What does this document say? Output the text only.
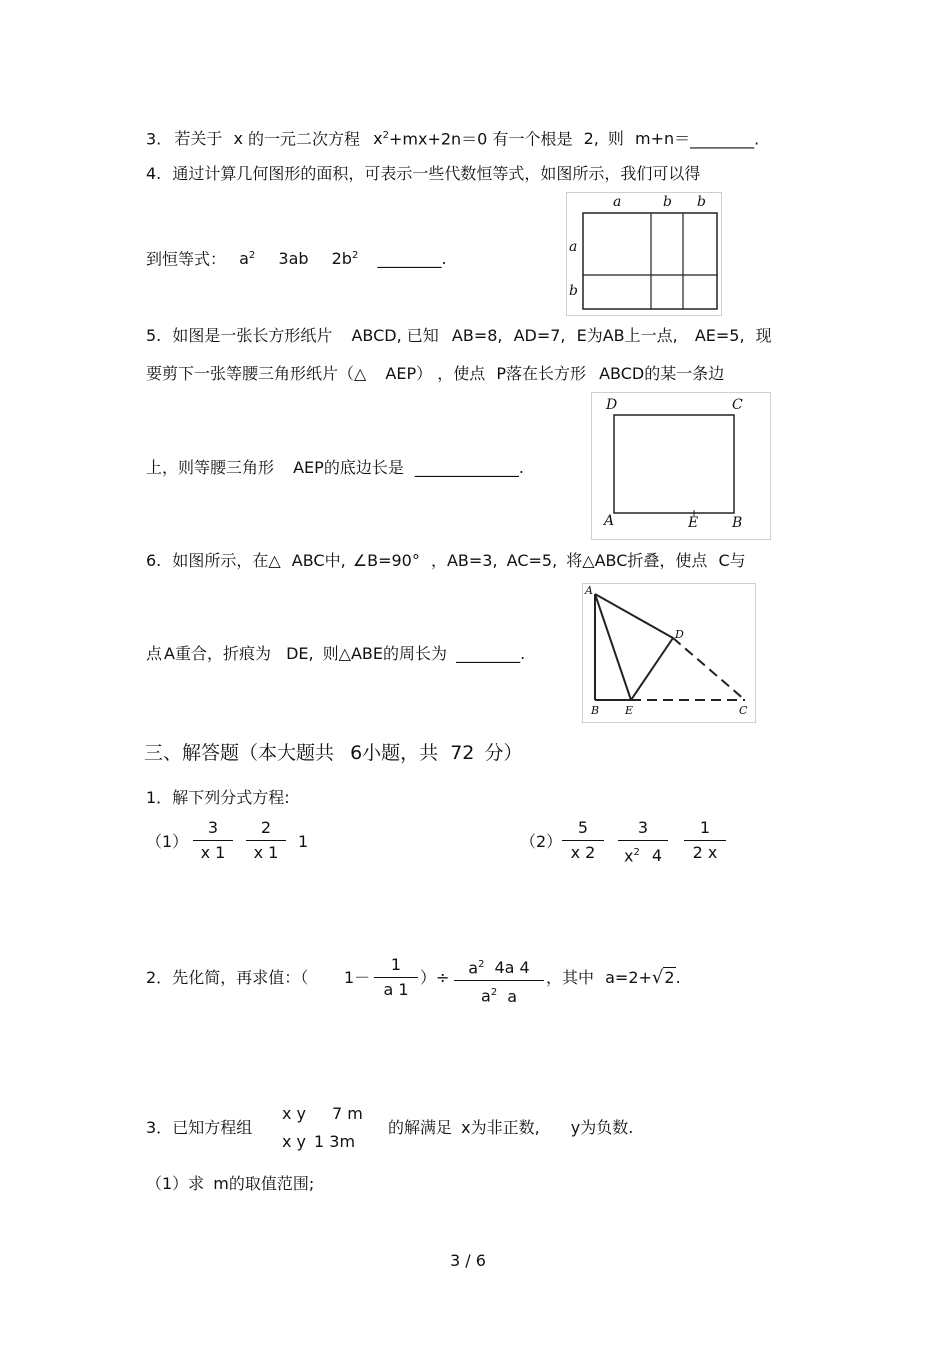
3. 若关于 x 的一元二次方程 $x^2+mx+2n=0$ 有一个根是 2, 则 m+n＝________.
4. 通过计算几何图形的面积，可表示一些代数恒等式，如图所示，我们可以得
到恒等式： $a^2$ 3ab $2b^2$ ________.
a	b b
a
b
5. 如图是一张长方形纸片 ABCD, 已知 AB=8, AD=7, E为AB上一点, AE=5, 现
要剪下一张等腰三角形纸片（△ AEP） ，使点 P落在长方形 ABCD的某一条边
上，则等腰三角形 AEP的底边长是 _____________.
D	C
A	E B
6. 如图所示，在△ ABC中, ∠B=90° ，AB=3, AC=5, 将△ABC折叠，使点 C与
点 A重合，折痕为 DE, 则△ABE的周长为 ________.
A
D
B E	C
三、解答题（本大题共 6小题，共 72 分）
1．解下列分式方程:
（1）
3
x 1
2
x 1
1	（2）
5
x 2
3
$x^2$ 4
1
2 x
2．先化简，再求值：（ 1－
1
a 1
）÷
$a^2$ 4a 4
$a^2$ a
，其中 a=2+√2.
3．已知方程组
x y 7 m
x y 1 3m
的解满足 x为非正数, y为负数.
（1）求 m的取值范围;
3 / 6
